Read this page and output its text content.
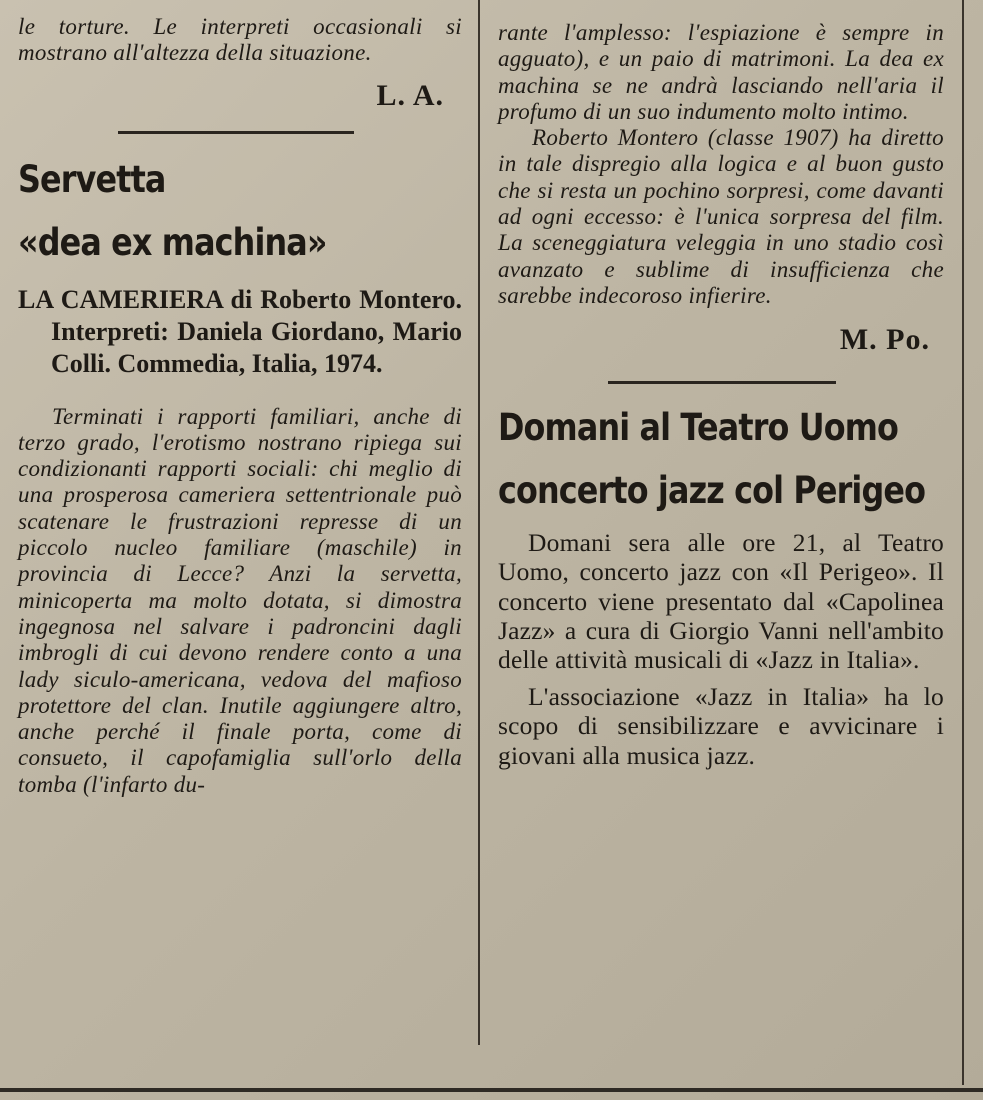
le torture. Le interpreti occasionali si mostrano all'altezza della situazione.

L. A.

Servetta

«dea ex machina»

LA CAMERIERA di Roberto Montero. Interpreti: Daniela Giordano, Mario Colli. Commedia, Italia, 1974.

Terminati i rapporti familiari, anche di terzo grado, l'erotismo nostrano ripiega sui condizionanti rapporti sociali: chi meglio di una prosperosa cameriera settentrionale può scatenare le frustrazioni represse di un piccolo nucleo familiare (maschile) in provincia di Lecce? Anzi la servetta, minicoperta ma molto dotata, si dimostra ingegnosa nel salvare i padroncini dagli imbrogli di cui devono rendere conto a una lady siculo-americana, vedova del mafioso protettore del clan. Inutile aggiungere altro, anche perché il finale porta, come di consueto, il capofamiglia sull'orlo della tomba (l'infarto du-

rante l'amplesso: l'espiazione è sempre in agguato), e un paio di matrimoni. La dea ex machina se ne andrà lasciando nell'aria il profumo di un suo indumento molto intimo.

Roberto Montero (classe 1907) ha diretto in tale dispregio alla logica e al buon gusto che si resta un pochino sorpresi, come davanti ad ogni eccesso: è l'unica sorpresa del film. La sceneggiatura veleggia in uno stadio così avanzato e sublime di insufficienza che sarebbe indecoroso infierire.

M. Po.

Domani al Teatro Uomo

concerto jazz col Perigeo

Domani sera alle ore 21, al Teatro Uomo, concerto jazz con «Il Perigeo». Il concerto viene presentato dal «Capolinea Jazz» a cura di Giorgio Vanni nell'ambito delle attività musicali di «Jazz in Italia».

L'associazione «Jazz in Italia» ha lo scopo di sensibilizzare e avvicinare i giovani alla musica jazz.
